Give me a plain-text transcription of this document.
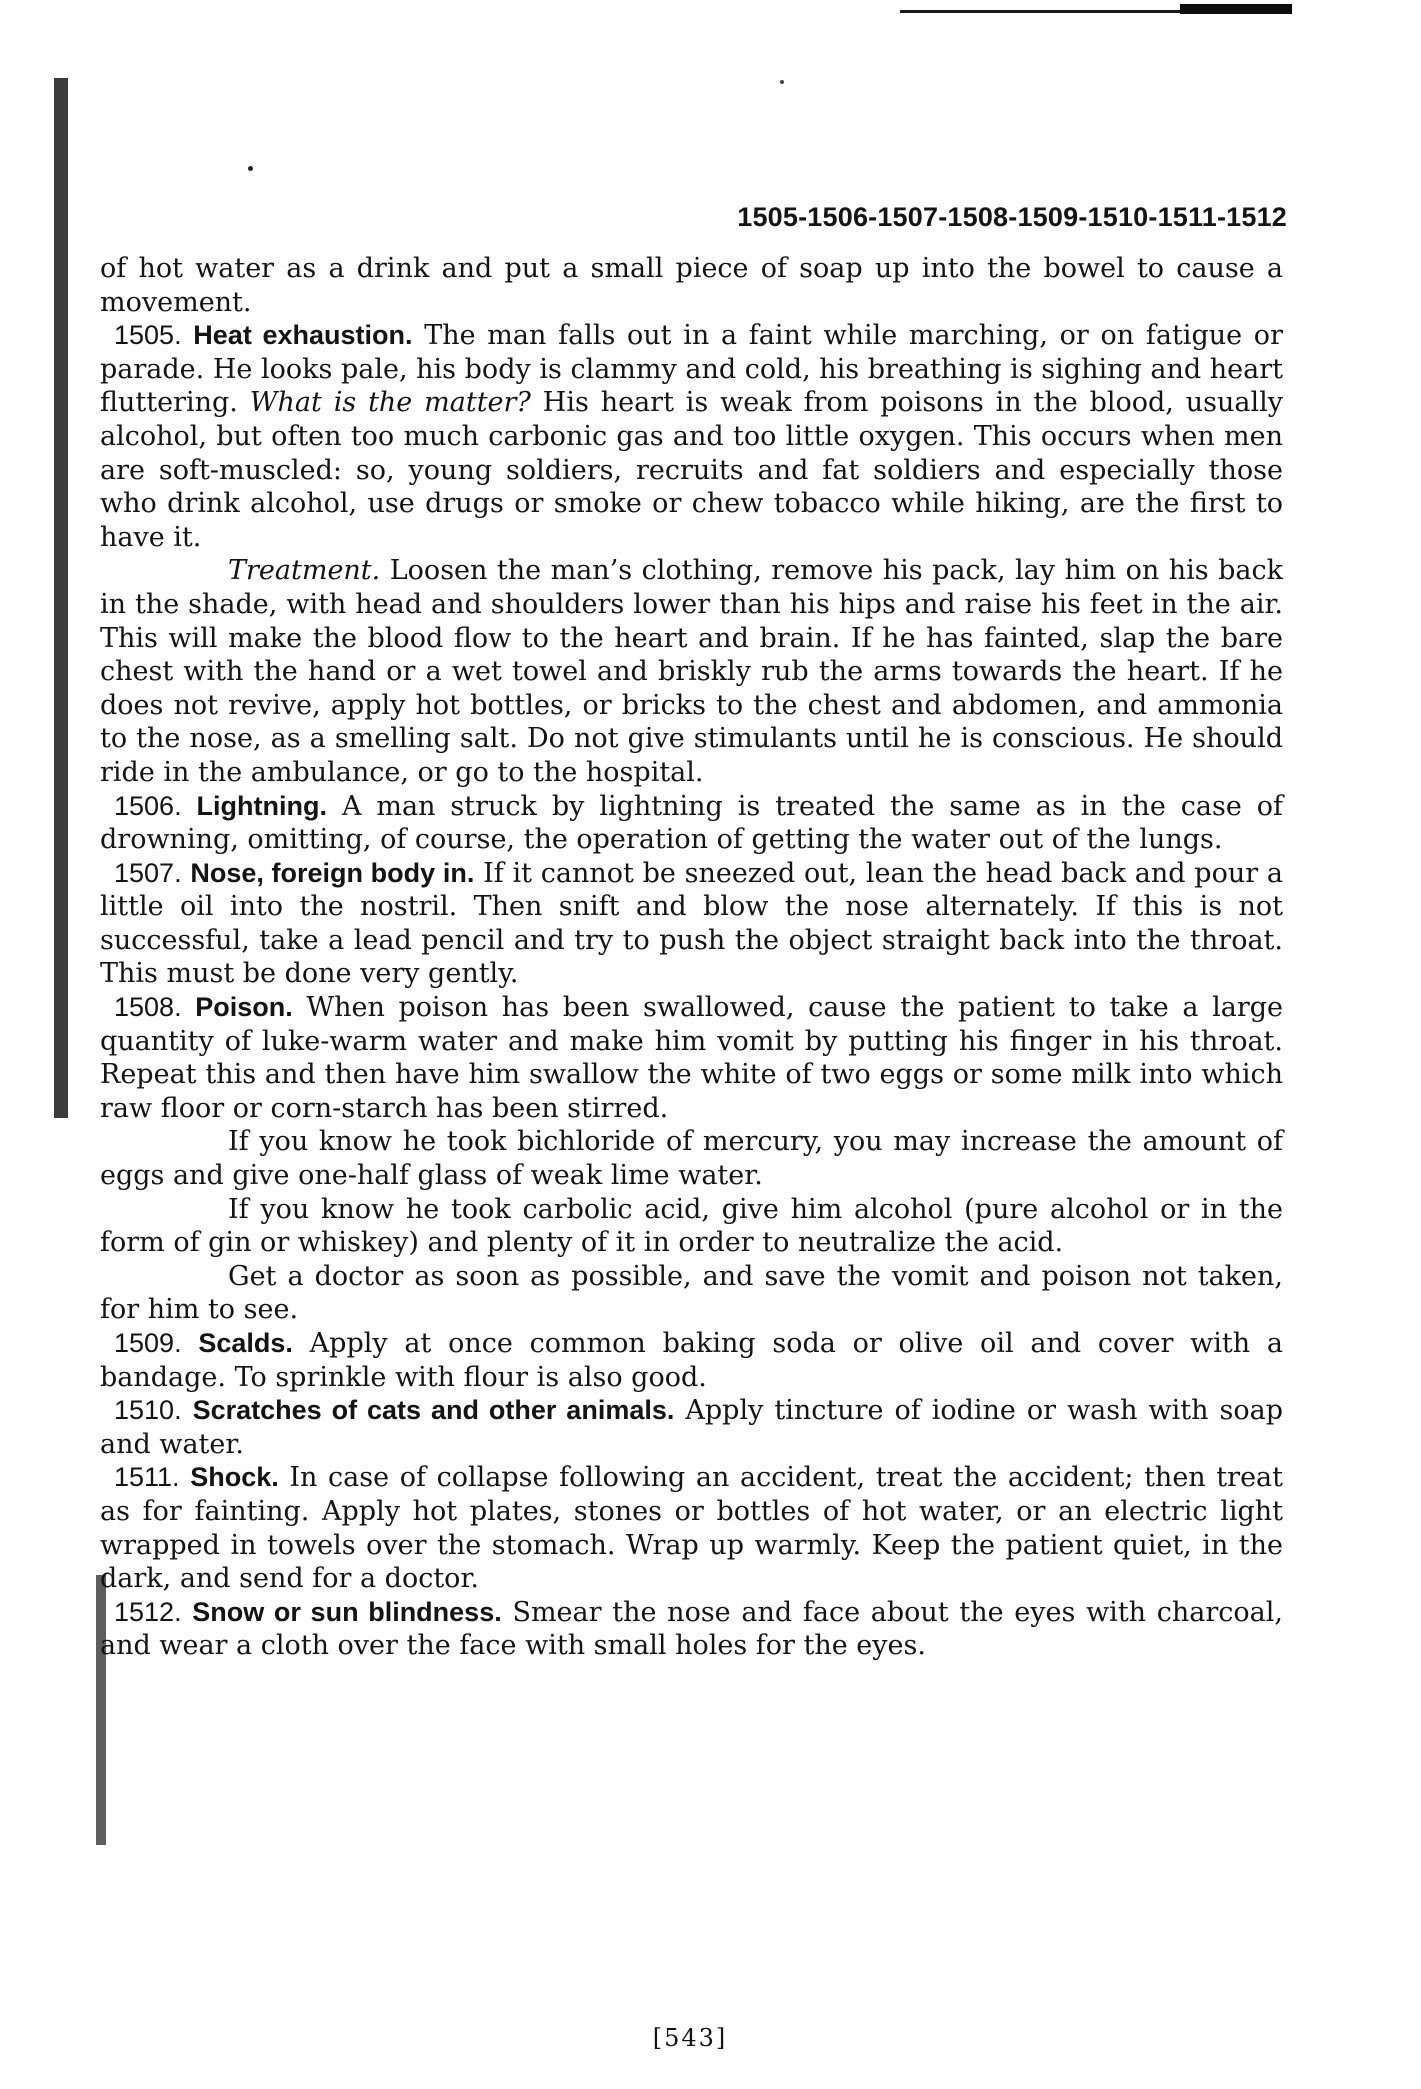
1505-1506-1507-1508-1509-1510-1511-1512

of hot water as a drink and put a small piece of soap up into the bowel to cause a movement.

1505. Heat exhaustion. The man falls out in a faint while marching, or on fatigue or parade. He looks pale, his body is clammy and cold, his breathing is sighing and heart fluttering. What is the matter? His heart is weak from poisons in the blood, usually alcohol, but often too much carbonic gas and too little oxygen. This occurs when men are soft-muscled: so, young soldiers, recruits and fat soldiers and especially those who drink alcohol, use drugs or smoke or chew tobacco while hiking, are the first to have it.

Treatment. Loosen the man’s clothing, remove his pack, lay him on his back in the shade, with head and shoulders lower than his hips and raise his feet in the air. This will make the blood flow to the heart and brain. If he has fainted, slap the bare chest with the hand or a wet towel and briskly rub the arms towards the heart. If he does not revive, apply hot bottles, or bricks to the chest and abdomen, and ammonia to the nose, as a smelling salt. Do not give stimulants until he is conscious. He should ride in the ambulance, or go to the hospital.

1506. Lightning. A man struck by lightning is treated the same as in the case of drowning, omitting, of course, the operation of getting the water out of the lungs.

1507. Nose, foreign body in. If it cannot be sneezed out, lean the head back and pour a little oil into the nostril. Then snift and blow the nose alternately. If this is not successful, take a lead pencil and try to push the object straight back into the throat. This must be done very gently.

1508. Poison. When poison has been swallowed, cause the patient to take a large quantity of luke-warm water and make him vomit by putting his finger in his throat. Repeat this and then have him swallow the white of two eggs or some milk into which raw floor or corn-starch has been stirred.

If you know he took bichloride of mercury, you may increase the amount of eggs and give one-half glass of weak lime water.

If you know he took carbolic acid, give him alcohol (pure alcohol or in the form of gin or whiskey) and plenty of it in order to neutralize the acid.

Get a doctor as soon as possible, and save the vomit and poison not taken, for him to see.

1509. Scalds. Apply at once common baking soda or olive oil and cover with a bandage. To sprinkle with flour is also good.

1510. Scratches of cats and other animals. Apply tincture of iodine or wash with soap and water.

1511. Shock. In case of collapse following an accident, treat the accident; then treat as for fainting. Apply hot plates, stones or bottles of hot water, or an electric light wrapped in towels over the stomach. Wrap up warmly. Keep the patient quiet, in the dark, and send for a doctor.

1512. Snow or sun blindness. Smear the nose and face about the eyes with charcoal, and wear a cloth over the face with small holes for the eyes.

[543]
